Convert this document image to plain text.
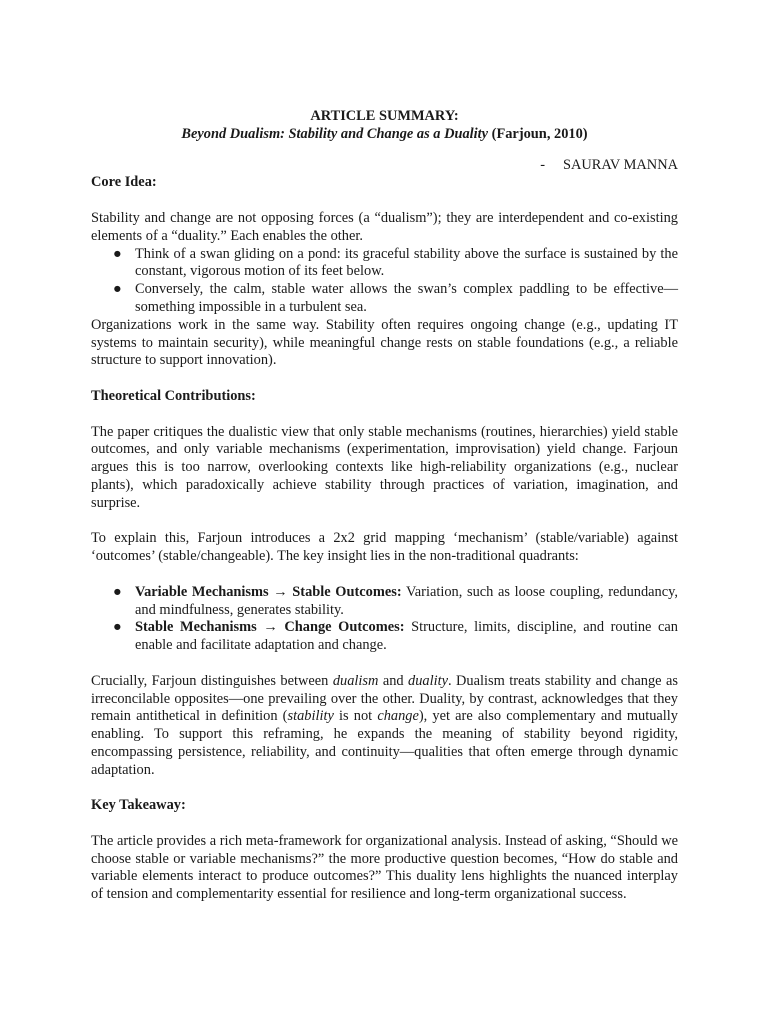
ARTICLE SUMMARY:

Beyond Dualism: Stability and Change as a Duality (Farjoun, 2010)

-     SAURAV MANNA

Core Idea:

Stability and change are not opposing forces (a “dualism”); they are interdependent and co-existing elements of a “duality.” Each enables the other.

● Think of a swan gliding on a pond: its graceful stability above the surface is sustained by the constant, vigorous motion of its feet below.
● Conversely, the calm, stable water allows the swan’s complex paddling to be effective—something impossible in a turbulent sea.

Organizations work in the same way. Stability often requires ongoing change (e.g., updating IT systems to maintain security), while meaningful change rests on stable foundations (e.g., a reliable structure to support innovation).

Theoretical Contributions:

The paper critiques the dualistic view that only stable mechanisms (routines, hierarchies) yield stable outcomes, and only variable mechanisms (experimentation, improvisation) yield change. Farjoun argues this is too narrow, overlooking contexts like high-reliability organizations (e.g., nuclear plants), which paradoxically achieve stability through practices of variation, imagination, and surprise.

To explain this, Farjoun introduces a 2x2 grid mapping ‘mechanism’ (stable/variable) against ‘outcomes’ (stable/changeable). The key insight lies in the non-traditional quadrants:

● Variable Mechanisms → Stable Outcomes: Variation, such as loose coupling, redundancy, and mindfulness, generates stability.
● Stable Mechanisms → Change Outcomes: Structure, limits, discipline, and routine can enable and facilitate adaptation and change.

Crucially, Farjoun distinguishes between dualism and duality. Dualism treats stability and change as irreconcilable opposites—one prevailing over the other. Duality, by contrast, acknowledges that they remain antithetical in definition (stability is not change), yet are also complementary and mutually enabling. To support this reframing, he expands the meaning of stability beyond rigidity, encompassing persistence, reliability, and continuity—qualities that often emerge through dynamic adaptation.

Key Takeaway:

The article provides a rich meta-framework for organizational analysis. Instead of asking, “Should we choose stable or variable mechanisms?” the more productive question becomes, “How do stable and variable elements interact to produce outcomes?” This duality lens highlights the nuanced interplay of tension and complementarity essential for resilience and long-term organizational success.
